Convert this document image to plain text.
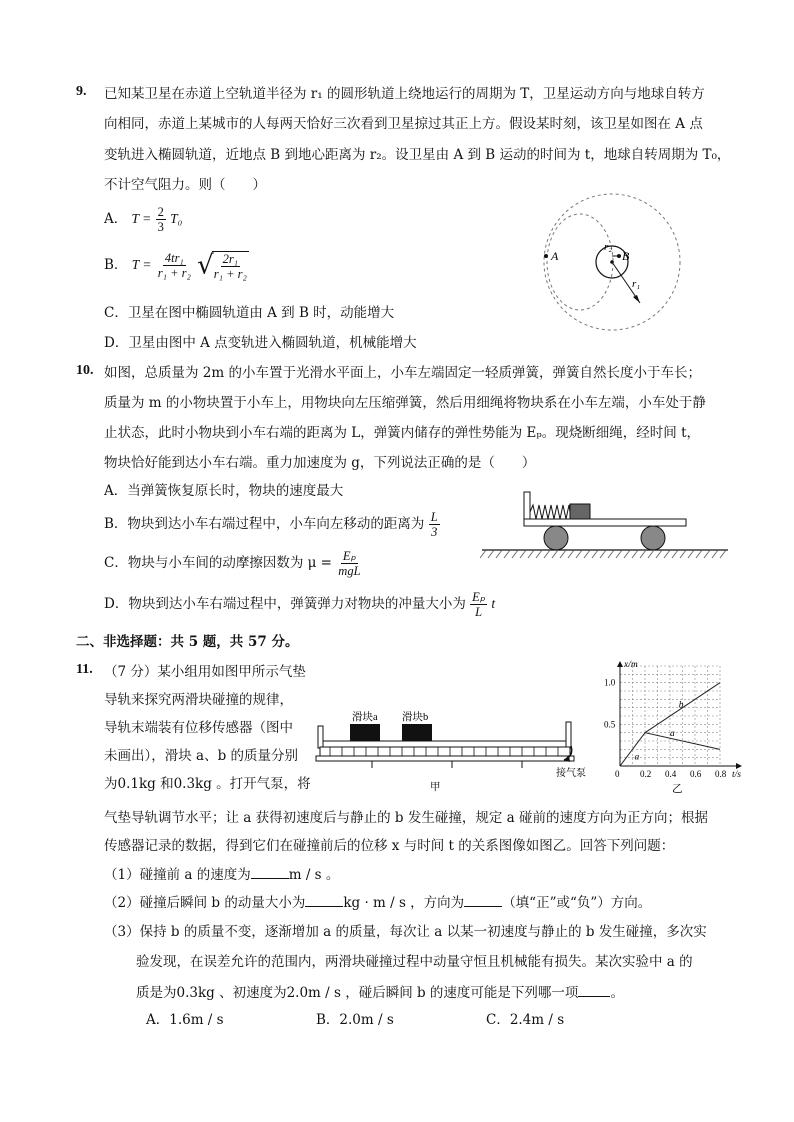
9. 已知某卫星在赤道上空轨道半径为 r₁ 的圆形轨道上绕地运行的周期为 T，卫星运动方向与地球自转方
向相同，赤道上某城市的人每两天恰好三次看到卫星掠过其正上方。假设某时刻，该卫星如图在 A 点
变轨进入椭圆轨道，近地点 B 到地心距离为 r₂。设卫星由 A 到 B 运动的时间为 t，地球自转周期为 T₀，
不计空气阻力。则（　　）
A． $T = \frac{2}{3} T_0$
B． $T = \frac{\text{4tr₁}}{\text{r₁ + r₂}}$ √
$\frac{\text{2r₁}}{\text{r₁ + r₂}}$
C．卫星在图中椭圆轨道由 A 到 B 时，动能增大
D．卫星由图中 A 点变轨进入椭圆轨道，机械能增大
A	B
r₂
r₁
10. 如图，总质量为 2m 的小车置于光滑水平面上，小车左端固定一轻质弹簧，弹簧自然长度小于车长；
质量为 m 的小物块置于小车上，用物块向左压缩弹簧，然后用细绳将物块系在小车左端，小车处于静
止状态，此时小物块到小车右端的距离为 L，弹簧内储存的弹性势能为 Eₚ。现烧断细绳，经时间 t，
物块恰好能到达小车右端。重力加速度为 g，下列说法正确的是（　　）
A．当弹簧恢复原长时，物块的速度最大
B．物块到达小车右端过程中，小车向左移动的距离为 $\frac{L}{3}$
C．物块与小车间的动摩擦因数为 $\mu = \frac{\text{Eₚ}}{\text{mgL}}$
D．物块到达小车右端过程中，弹簧弹力对物块的冲量大小为 $\frac{\text{Eₚ}}{L}$ t
二、非选择题：共 5 题，共 57 分。
11. （7 分）某小组用如图甲所示气垫
导轨来探究两滑块碰撞的规律，
导轨末端装有位移传感器（图中
未画出），滑块 a、b 的质量分别
为0.1kg 和0.3kg 。打开气泵，将
气垫导轨调节水平；让 a 获得初速度后与静止的 b 发生碰撞，规定 a 碰前的速度方向为正方向；根据
传感器记录的数据，得到它们在碰撞前后的位移 x 与时间 t 的关系图像如图乙。回答下列问题：
滑块a 滑块b
接气泵
甲
x/m
t/s
0 0.2 0.4 0.6 0.8
0.5
1.0
a
b
乙
a
（1）碰撞前 a 的速度为	m / s 。
（2）碰撞后瞬间 b 的动量大小为	kg · m / s ，方向为	（填“正”或“负”）方向。
（3）保持 b 的质量不变，逐渐增加 a 的质量，每次让 a 以某一初速度与静止的 b 发生碰撞，多次实
验发现，在误差允许的范围内，两滑块碰撞过程中动量守恒且机械能有损失。某次实验中 a 的
质是为0.3kg 、初速度为2.0m / s ，碰后瞬间 b 的速度可能是下列哪一项 。
A．1.6m / s	B．2.0m / s	C．2.4m / s
